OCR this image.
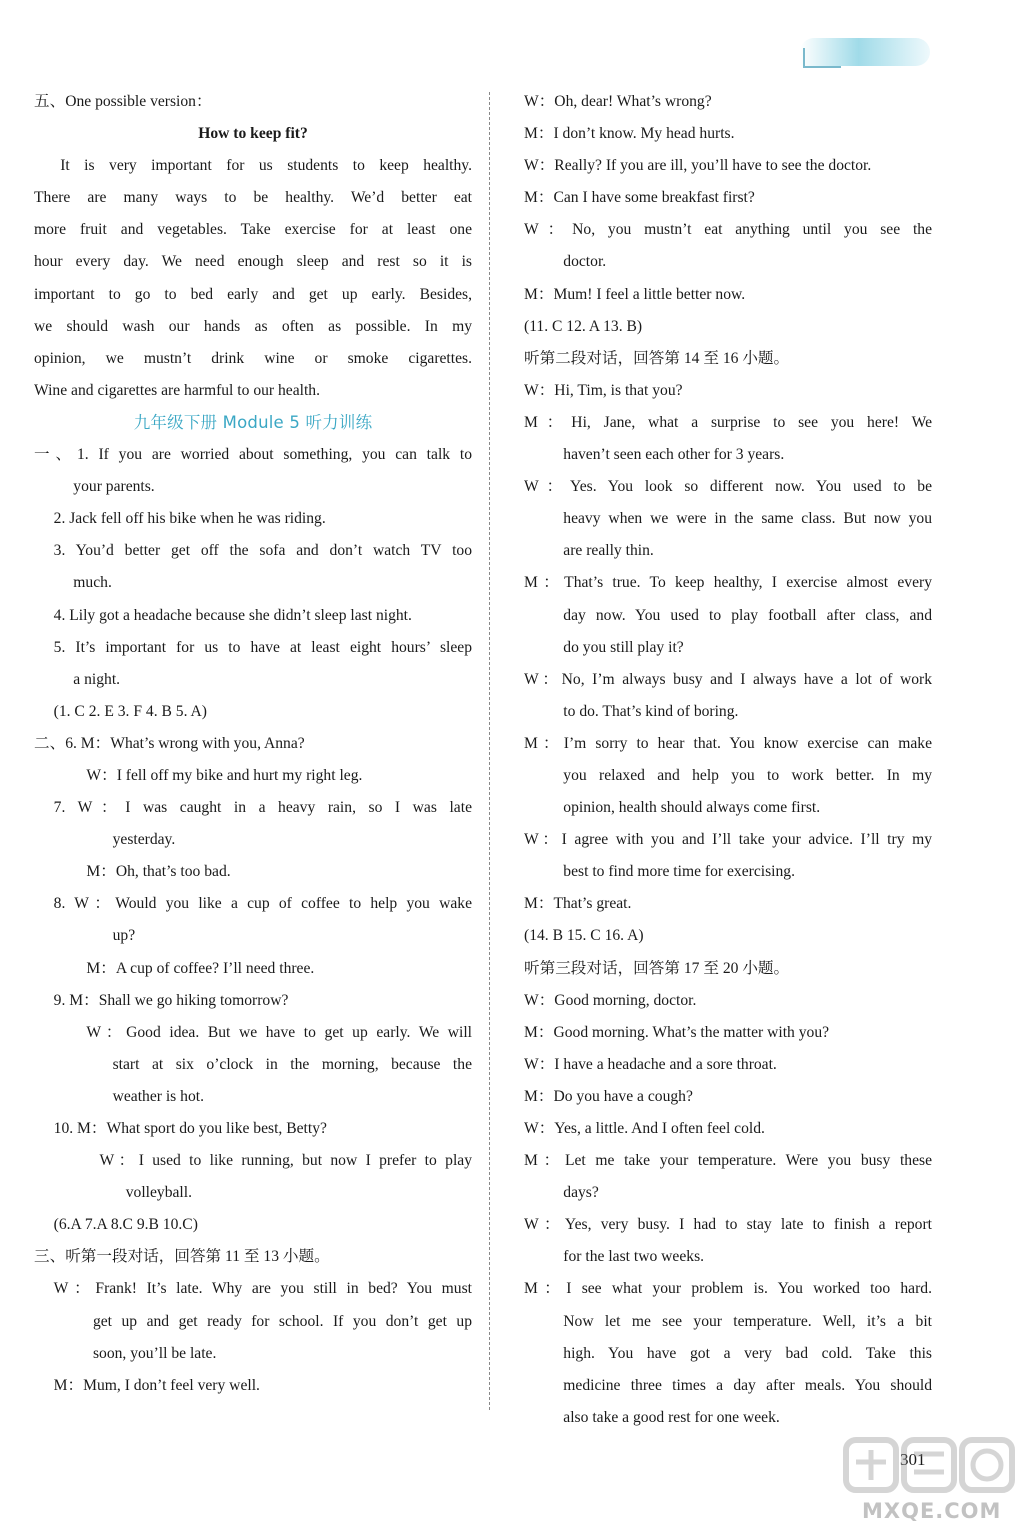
五、One possible version：
How to keep fit?
It is very important for us students to keep healthy.
There are many ways to be healthy. We’d better eat
more fruit and vegetables. Take exercise for at least one
hour every day. We need enough sleep and rest so it is
important to go to bed early and get up early. Besides,
we should wash our hands as often as possible. In my
opinion, we mustn’t drink wine or smoke cigarettes.
Wine and cigarettes are harmful to our health.
九年级下册 Module 5 听力训练
一、1. If you are worried about something, you can talk to
your parents.
2. Jack fell off his bike when he was riding.
3. You’d better get off the sofa and don’t watch TV too
much.
4. Lily got a headache because she didn’t sleep last night.
5. It’s important for us to have at least eight hours’ sleep
a night.
(1. C 2. E 3. F 4. B 5. A)
二、6. M：What’s wrong with you, Anna?
W：I fell off my bike and hurt my right leg.
7. W：I was caught in a heavy rain, so I was late
yesterday.
M：Oh, that’s too bad.
8. W：Would you like a cup of coffee to help you wake
up?
M：A cup of coffee? I’ll need three.
9. M：Shall we go hiking tomorrow?
W：Good idea. But we have to get up early. We will
start at six o’clock in the morning, because the
weather is hot.
10. M：What sport do you like best, Betty?
W：I used to like running, but now I prefer to play
volleyball.
(6.A 7.A 8.C 9.B 10.C)
三、听第一段对话，回答第 11 至 13 小题。
W：Frank! It’s late. Why are you still in bed? You must
get up and get ready for school. If you don’t get up
soon, you’ll be late.
M：Mum, I don’t feel very well.
W：Oh, dear! What’s wrong?
M：I don’t know. My head hurts.
W：Really? If you are ill, you’ll have to see the doctor.
M：Can I have some breakfast first?
W：No, you mustn’t eat anything until you see the
doctor.
M：Mum! I feel a little better now.
(11. C 12. A 13. B)
听第二段对话，回答第 14 至 16 小题。
W：Hi, Tim, is that you?
M：Hi, Jane, what a surprise to see you here! We
haven’t seen each other for 3 years.
W：Yes. You look so different now. You used to be
heavy when we were in the same class. But now you
are really thin.
M：That’s true. To keep healthy, I exercise almost every
day now. You used to play football after class, and
do you still play it?
W：No, I’m always busy and I always have a lot of work
to do. That’s kind of boring.
M：I’m sorry to hear that. You know exercise can make
you relaxed and help you to work better. In my
opinion, health should always come first.
W：I agree with you and I’ll take your advice. I’ll try my
best to find more time for exercising.
M：That’s great.
(14. B 15. C 16. A)
听第三段对话，回答第 17 至 20 小题。
W：Good morning, doctor.
M：Good morning. What’s the matter with you?
W：I have a headache and a sore throat.
M：Do you have a cough?
W：Yes, a little. And I often feel cold.
M：Let me take your temperature. Were you busy these
days?
W：Yes, very busy. I had to stay late to finish a report
for the last two weeks.
M：I see what your problem is. You worked too hard.
Now let me see your temperature. Well, it’s a bit
high. You have got a very bad cold. Take this
medicine three times a day after meals. You should
also take a good rest for one week.
301
MXQE.COM
